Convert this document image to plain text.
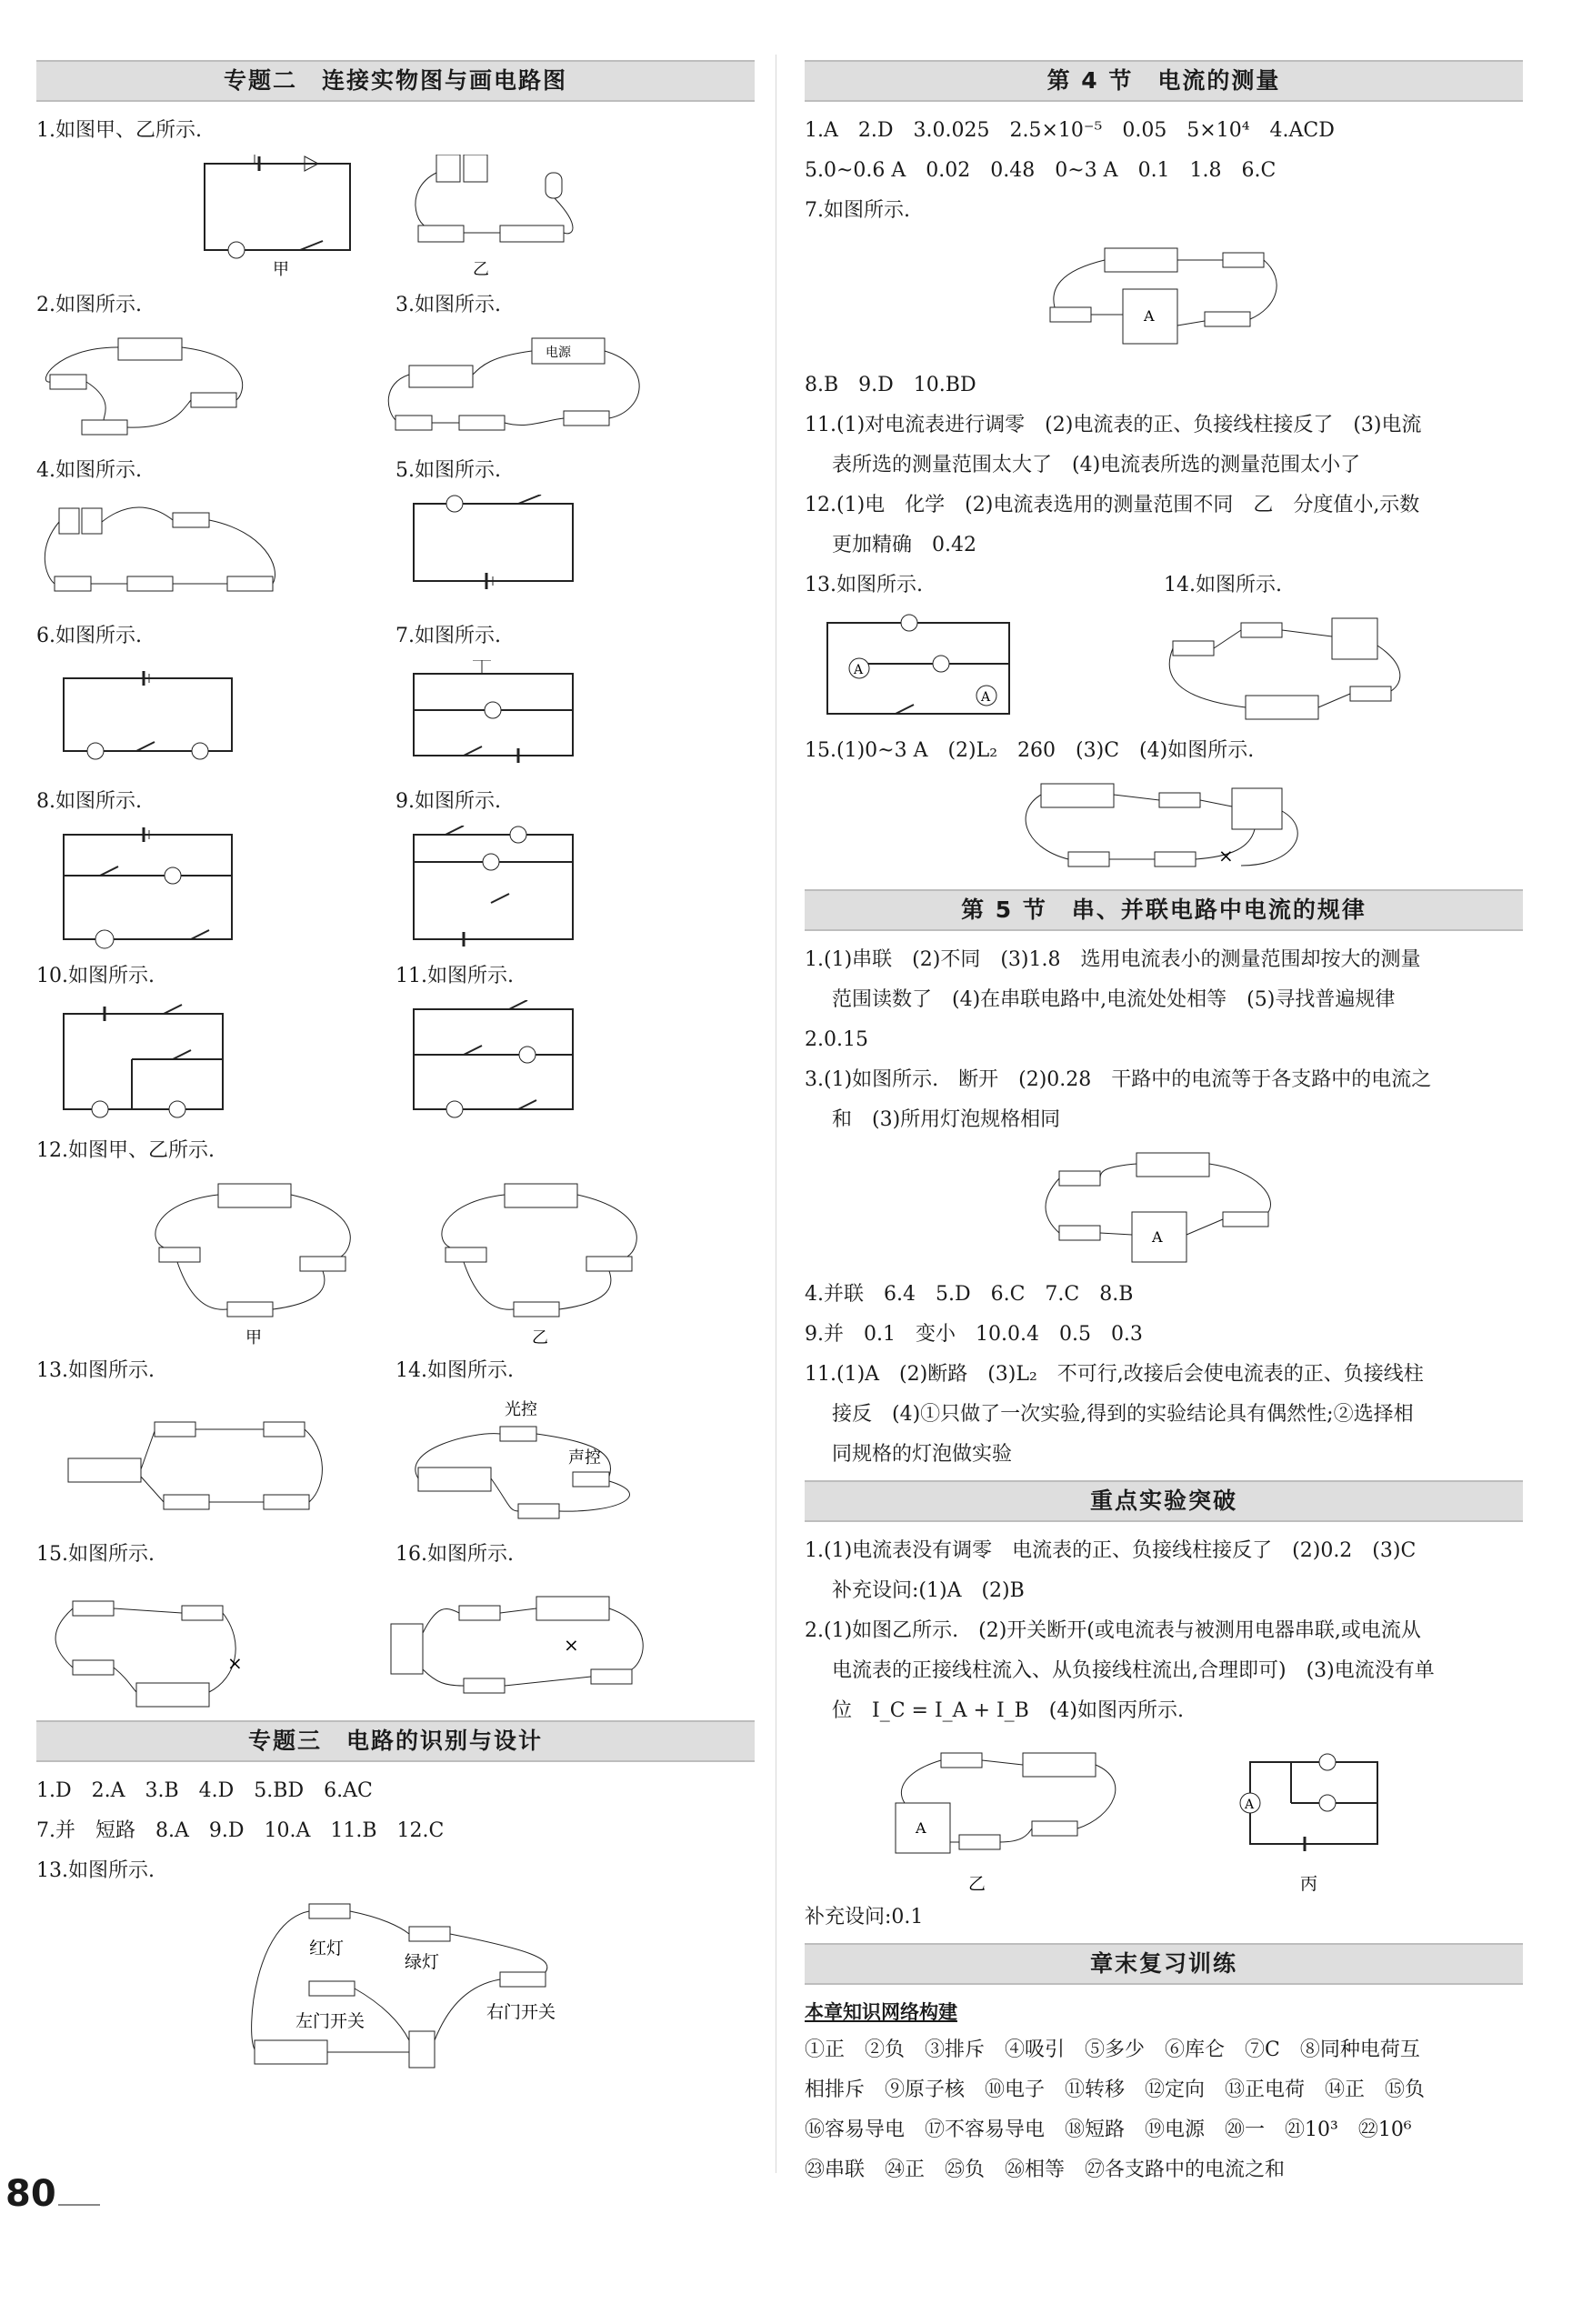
专题二　连接实物图与画电路图
1.如图甲、乙所示.
甲	乙
2.如图所示.	3.如图所示.
电源
4.如图所示.	5.如图所示.
6.如图所示.	7.如图所示.
8.如图所示.	9.如图所示.
10.如图所示.	11.如图所示.
12.如图甲、乙所示.
甲	乙
13.如图所示.	14.如图所示.
光控
声控
15.如图所示.	16.如图所示.
×
×
专题三　电路的识别与设计
1.D　2.A　3.B　4.D　5.BD　6.AC
7.并　短路　8.A　9.D　10.A　11.B　12.C
13.如图所示.
红灯
绿灯
左门开关	右门开关
第 4 节　电流的测量
1.A　2.D　3.0.025　2.5×10⁻⁵　0.05　5×10⁴　4.ACD
5.0~0.6 A　0.02　0.48　0~3 A　0.1　1.8　6.C
7.如图所示.
A
8.B　9.D　10.BD
11.(1)对电流表进行调零　(2)电流表的正、负接线柱接反了　(3)电流
表所选的测量范围太大了　(4)电流表所选的测量范围太小了
12.(1)电　化学　(2)电流表选用的测量范围不同　乙　分度值小,示数
更加精确　0.42
13.如图所示.	14.如图所示.
A
A
15.(1)0~3 A　(2)L₂　260　(3)C　(4)如图所示.
×
第 5 节　串、并联电路中电流的规律
1.(1)串联　(2)不同　(3)1.8　选用电流表小的测量范围却按大的测量
范围读数了　(4)在串联电路中,电流处处相等　(5)寻找普遍规律
2.0.15
3.(1)如图所示.　断开　(2)0.28　干路中的电流等于各支路中的电流之
和　(3)所用灯泡规格相同
A
4.并联　6.4　5.D　6.C　7.C　8.B
9.并　0.1　变小　10.0.4　0.5　0.3
11.(1)A　(2)断路　(3)L₂　不可行,改接后会使电流表的正、负接线柱
接反　(4)①只做了一次实验,得到的实验结论具有偶然性;②选择相
同规格的灯泡做实验
重点实验突破
1.(1)电流表没有调零　电流表的正、负接线柱接反了　(2)0.2　(3)C
补充设问:(1)A　(2)B
2.(1)如图乙所示.　(2)开关断开(或电流表与被测用电器串联,或电流从
电流表的正接线柱流入、从负接线柱流出,合理即可)　(3)电流没有单
位　I_C = I_A + I_B　(4)如图丙所示.
A
乙
A
丙
补充设问:0.1
章末复习训练
本章知识网络构建
①正　②负　③排斥　④吸引　⑤多少　⑥库仑　⑦C　⑧同种电荷互
相排斥　⑨原子核　⑩电子　⑪转移　⑫定向　⑬正电荷　⑭正　⑮负
⑯容易导电　⑰不容易导电　⑱短路　⑲电源　⑳一　㉑10³　㉒10⁶
㉓串联　㉔正　㉕负　㉖相等　㉗各支路中的电流之和
80
